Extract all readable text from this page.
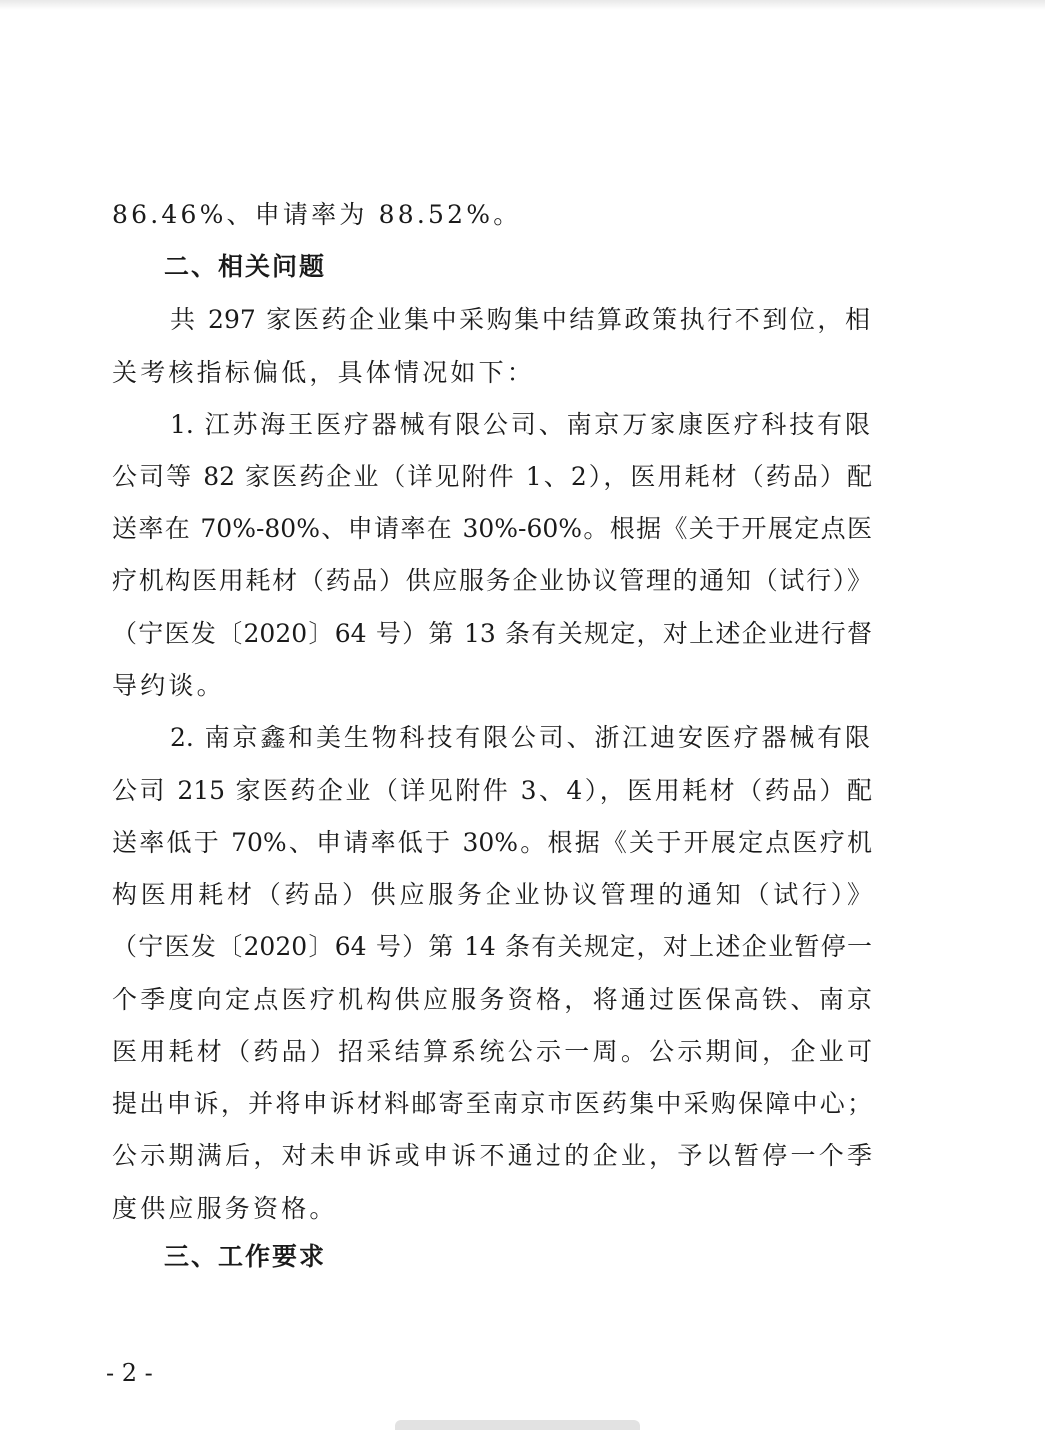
86.46%、申请率为 88.52%。
二、相关问题
共 297 家医药企业集中采购集中结算政策执行不到位，相
关考核指标偏低，具体情况如下：
1. 江苏海王医疗器械有限公司、南京万家康医疗科技有限
公司等 82 家医药企业（详见附件 1、2），医用耗材（药品）配
送率在 70%-80%、申请率在 30%-60%。根据《关于开展定点医
疗机构医用耗材（药品）供应服务企业协议管理的通知（试行）》
（宁医发〔2020〕64 号）第 13 条有关规定，对上述企业进行督
导约谈。
2. 南京鑫和美生物科技有限公司、浙江迪安医疗器械有限
公司 215 家医药企业（详见附件 3、4），医用耗材（药品）配
送率低于 70%、申请率低于 30%。根据《关于开展定点医疗机
构医用耗材（药品）供应服务企业协议管理的通知（试行）》
（宁医发〔2020〕64 号）第 14 条有关规定，对上述企业暂停一
个季度向定点医疗机构供应服务资格，将通过医保高铁、南京
医用耗材（药品）招采结算系统公示一周。公示期间，企业可
提出申诉，并将申诉材料邮寄至南京市医药集中采购保障中心；
公示期满后，对未申诉或申诉不通过的企业，予以暂停一个季
度供应服务资格。
三、工作要求
- 2 -
